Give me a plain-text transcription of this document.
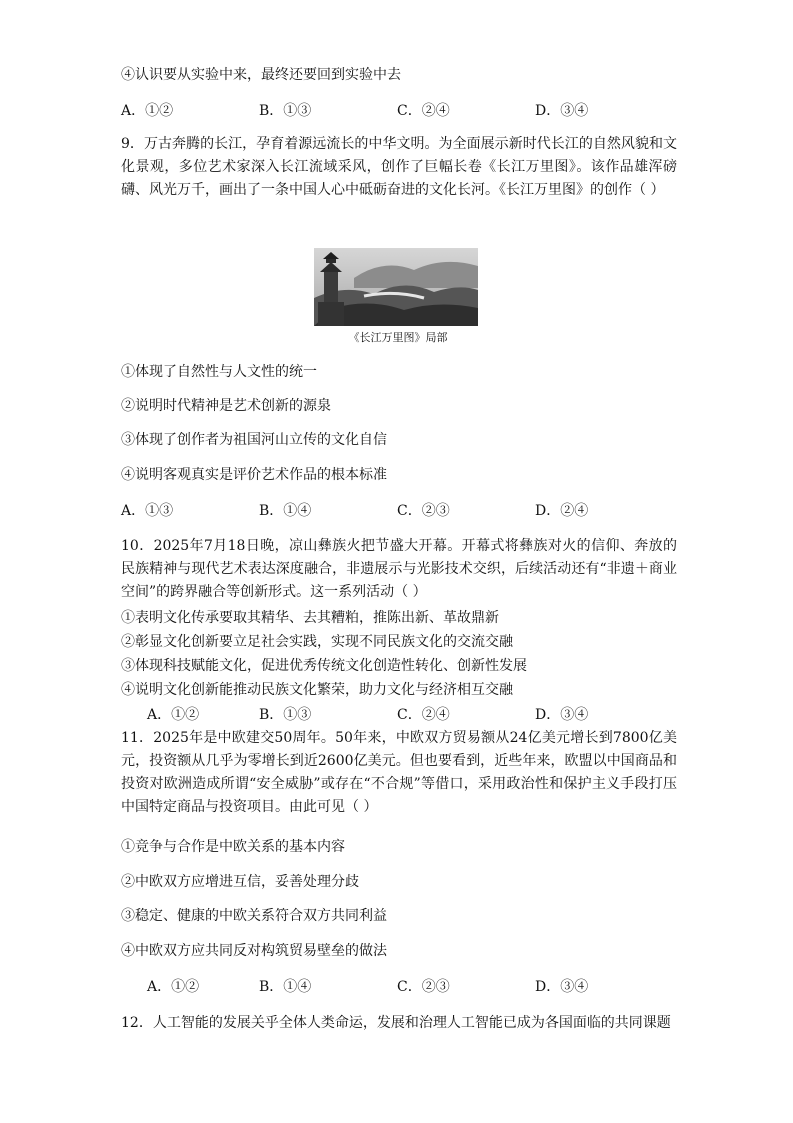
④认识要从实验中来，最终还要回到实验中去
A．①②	B．①③	C．②④	D．③④
9．万古奔腾的长江，孕育着源远流长的中华文明。为全面展示新时代长江的自然风貌和文化景观，多位艺术家深入长江流域采风，创作了巨幅长卷《长江万里图》。该作品雄浑磅礴、风光万千，画出了一条中国人心中砥砺奋进的文化长河。《长江万里图》的创作（ ）
《长江万里图》局部
①体现了自然性与人文性的统一
②说明时代精神是艺术创新的源泉
③体现了创作者为祖国河山立传的文化自信
④说明客观真实是评价艺术作品的根本标准
A．①③	B．①④	C．②③	D．②④
10．2025年7月18日晚，凉山彝族火把节盛大开幕。开幕式将彝族对火的信仰、奔放的民族精神与现代艺术表达深度融合，非遗展示与光影技术交织，后续活动还有“非遗＋商业空间”的跨界融合等创新形式。这一系列活动（ ）
①表明文化传承要取其精华、去其糟粕，推陈出新、革故鼎新
②彰显文化创新要立足社会实践，实现不同民族文化的交流交融
③体现科技赋能文化，促进优秀传统文化创造性转化、创新性发展
④说明文化创新能推动民族文化繁荣，助力文化与经济相互交融
A．①②	B．①③	C．②④	D．③④
11．2025年是中欧建交50周年。50年来，中欧双方贸易额从24亿美元增长到7800亿美元，投资额从几乎为零增长到近2600亿美元。但也要看到，近些年来，欧盟以中国商品和投资对欧洲造成所谓“安全威胁”或存在“不合规”等借口，采用政治性和保护主义手段打压中国特定商品与投资项目。由此可见（ ）
①竞争与合作是中欧关系的基本内容
②中欧双方应增进互信，妥善处理分歧
③稳定、健康的中欧关系符合双方共同利益
④中欧双方应共同反对构筑贸易壁垒的做法
A．①②	B．①④	C．②③	D．③④
12．人工智能的发展关乎全体人类命运，发展和治理人工智能已成为各国面临的共同课题
